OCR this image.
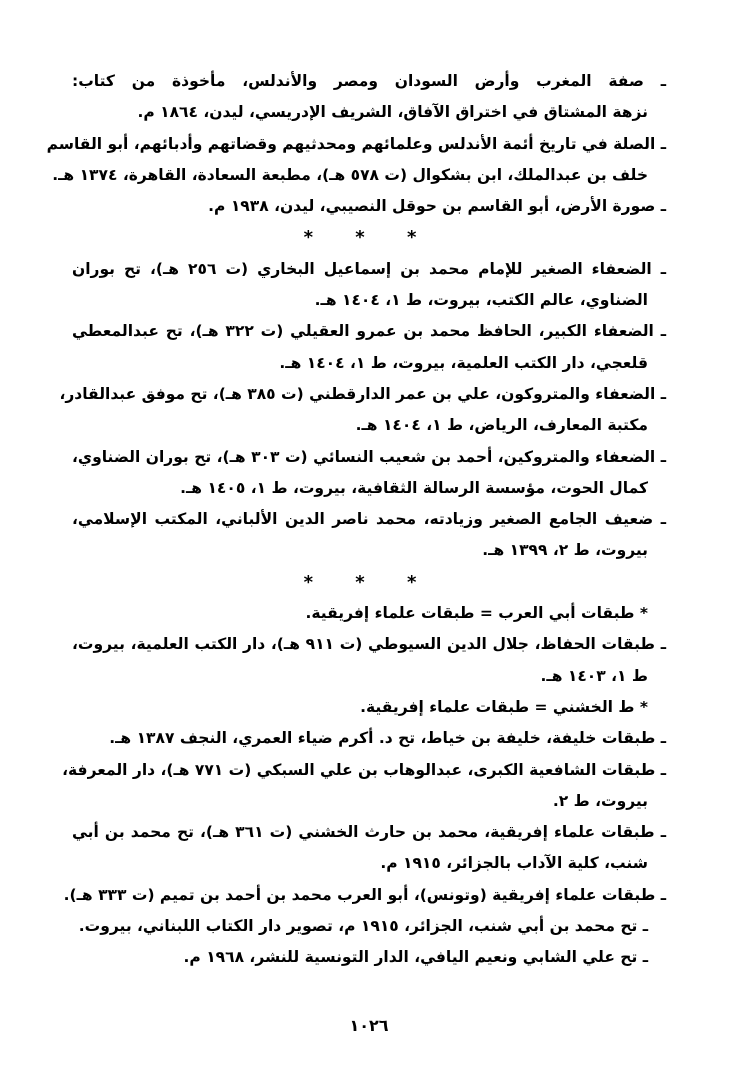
ـ صفة المغرب وأرض السودان ومصر والأندلس، مأخوذة من كتاب:
نزهة المشتاق في اختراق الآفاق، الشريف الإدريسي، ليدن، ١٨٦٤ م.
ـ الصلة في تاريخ أئمة الأندلس وعلمائهم ومحدثيهم وقضاتهم وأدبائهم، أبو القاسم
خلف بن عبدالملك، ابن بشكوال (ت ٥٧٨ هـ)، مطبعة السعادة، القاهرة، ١٣٧٤ هـ.
ـ صورة الأرض، أبو القاسم بن حوقل النصيبي، ليدن، ١٩٣٨ م.
* * *
ـ الضعفاء الصغير للإمام محمد بن إسماعيل البخاري (ت ٢٥٦ هـ)، تح بوران
الضناوي، عالم الكتب، بيروت، ط ١، ١٤٠٤ هـ.
ـ الضعفاء الكبير، الحافظ محمد بن عمرو العقيلي (ت ٣٢٢ هـ)، تح عبدالمعطي
قلعجي، دار الكتب العلمية، بيروت، ط ١، ١٤٠٤ هـ.
ـ الضعفاء والمتروكون، علي بن عمر الدارقطني (ت ٣٨٥ هـ)، تح موفق عبدالقادر،
مكتبة المعارف، الرياض، ط ١، ١٤٠٤ هـ.
ـ الضعفاء والمتروكين، أحمد بن شعيب النسائي (ت ٣٠٣ هـ)، تح بوران الضناوي،
كمال الحوت، مؤسسة الرسالة الثقافية، بيروت، ط ١، ١٤٠٥ هـ.
ـ ضعيف الجامع الصغير وزيادته، محمد ناصر الدين الألباني، المكتب الإسلامي،
بيروت، ط ٢، ١٣٩٩ هـ.
* * *
* طبقات أبي العرب = طبقات علماء إفريقية.
ـ طبقات الحفاظ، جلال الدين السيوطي (ت ٩١١ هـ)، دار الكتب العلمية، بيروت،
ط ١، ١٤٠٣ هـ.
* ط الخشني = طبقات علماء إفريقية.
ـ طبقات خليفة، خليفة بن خياط، تح د. أكرم ضياء العمري، النجف ١٣٨٧ هـ.
ـ طبقات الشافعية الكبرى، عبدالوهاب بن علي السبكي (ت ٧٧١ هـ)، دار المعرفة،
بيروت، ط ٢.
ـ طبقات علماء إفريقية، محمد بن حارث الخشني (ت ٣٦١ هـ)، تح محمد بن أبي
شنب، كلية الآداب بالجزائر، ١٩١٥ م.
ـ طبقات علماء إفريقية (وتونس)، أبو العرب محمد بن أحمد بن تميم (ت ٣٣٣ هـ).
ـ تح محمد بن أبي شنب، الجزائر، ١٩١٥ م، تصوير دار الكتاب اللبناني، بيروت.
ـ تح علي الشابي ونعيم اليافي، الدار التونسية للنشر، ١٩٦٨ م.
١٠٢٦
